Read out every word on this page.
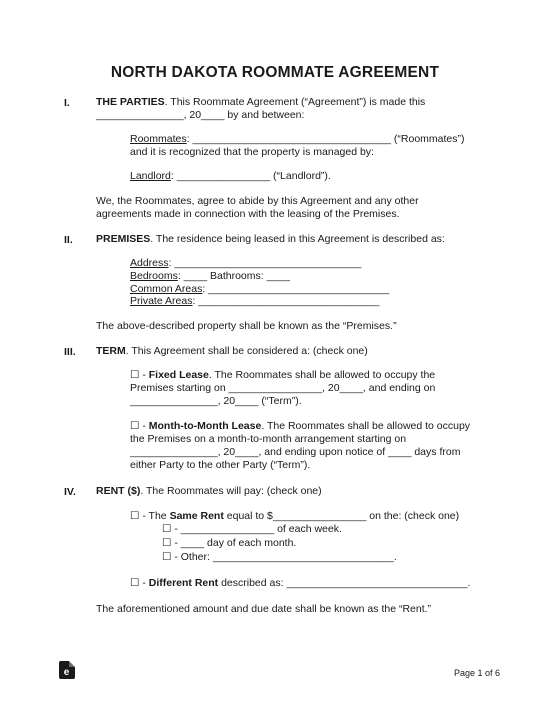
NORTH DAKOTA ROOMMATE AGREEMENT
I. THE PARTIES. This Roommate Agreement (“Agreement”) is made this
_______________, 20____ by and between:
Roommates: __________________________________ (“Roommates”)
and it is recognized that the property is managed by:
Landlord: ________________ (“Landlord”).
We, the Roommates, agree to abide by this Agreement and any other
agreements made in connection with the leasing of the Premises.
II. PREMISES. The residence being leased in this Agreement is described as:
Address: ________________________________
Bedrooms: ____ Bathrooms: ____
Common Areas: _______________________________
Private Areas: _______________________________
The above-described property shall be known as the “Premises.”
III. TERM. This Agreement shall be considered a: (check one)
☐ - Fixed Lease. The Roommates shall be allowed to occupy the
Premises starting on ________________, 20____, and ending on
_______________, 20____ (“Term”).
☐ - Month-to-Month Lease. The Roommates shall be allowed to occupy
the Premises on a month-to-month arrangement starting on
_______________, 20____, and ending upon notice of ____ days from
either Party to the other Party (“Term”).
IV. RENT ($). The Roommates will pay: (check one)
☐ - The Same Rent equal to $________________ on the: (check one)
☐ - ________________ of each week.
☐ - ____ day of each month.
☐ - Other: _______________________________.
☐ - Different Rent described as: _______________________________.
The aforementioned amount and due date shall be known as the “Rent.”
e	Page 1 of 6
